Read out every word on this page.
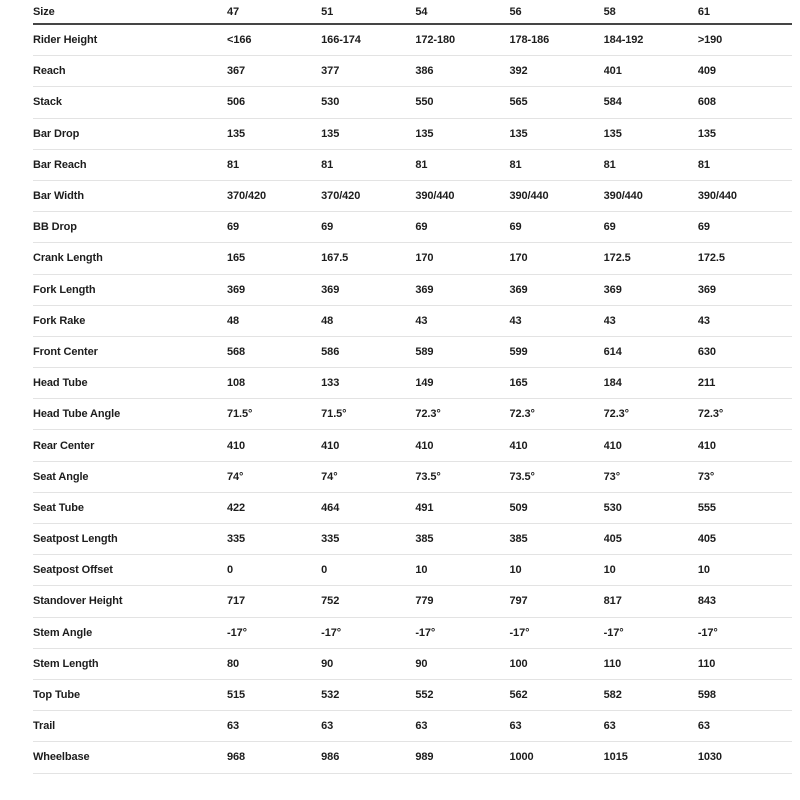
Size	47	51	54	56	58	61
Rider Height	<166	166-174	172-180	178-186	184-192	>190
Reach	367	377	386	392	401	409
Stack	506	530	550	565	584	608
Bar Drop	135	135	135	135	135	135
Bar Reach	81	81	81	81	81	81
Bar Width	370/420	370/420	390/440	390/440	390/440	390/440
BB Drop	69	69	69	69	69	69
Crank Length	165	167.5	170	170	172.5	172.5
Fork Length	369	369	369	369	369	369
Fork Rake	48	48	43	43	43	43
Front Center	568	586	589	599	614	630
Head Tube	108	133	149	165	184	211
Head Tube Angle	71.5°	71.5°	72.3°	72.3°	72.3°	72.3°
Rear Center	410	410	410	410	410	410
Seat Angle	74°	74°	73.5°	73.5°	73°	73°
Seat Tube	422	464	491	509	530	555
Seatpost Length	335	335	385	385	405	405
Seatpost Offset	0	0	10	10	10	10
Standover Height	717	752	779	797	817	843
Stem Angle	-17°	-17°	-17°	-17°	-17°	-17°
Stem Length	80	90	90	100	110	110
Top Tube	515	532	552	562	582	598
Trail	63	63	63	63	63	63
Wheelbase	968	986	989	1000	1015	1030
